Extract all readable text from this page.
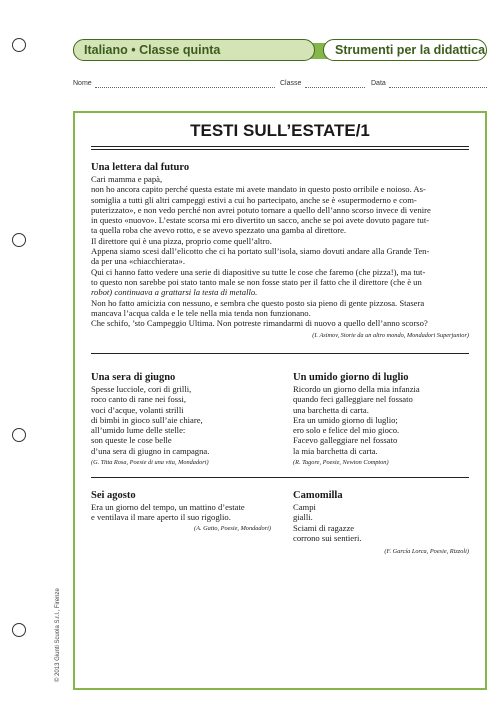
Italiano • Classe quinta	Strumenti per la didattica
Nome	Classe	Data
TESTI SULL’ESTATE/1
Una lettera dal futuro
Cari mamma e papà,
non ho ancora capito perché questa estate mi avete mandato in questo posto orribile e noioso. As-
somiglia a tutti gli altri campeggi estivi a cui ho partecipato, anche se è «supermoderno e com-
puterizzato», e non vedo perché non avrei potuto tornare a quello dell’anno scorso invece di venire
in questo «nuovo». L’estate scorsa mi ero divertito un sacco, anche se poi avete dovuto pagare tut-
ta quella roba che avevo rotto, e se avevo spezzato una gamba al direttore.
Il direttore qui è una pizza, proprio come quell’altro.
Appena siamo scesi dall’elicotto che ci ha portato sull’isola, siamo dovuti andare alla Grande Ten-
da per una «chiacchierata».
Qui ci hanno fatto vedere una serie di diapositive su tutte le cose che faremo (che pizza!), ma tut-
to questo non sarebbe poi stato tanto male se non fosse stato per il fatto che il direttore (che è un
robot) continuava a grattarsi la testa di metallo.
Non ho fatto amicizia con nessuno, e sembra che questo posto sia pieno di gente pizzosa. Stasera
mancava l’acqua calda e le tele nella mia tenda non funzionano.
Che schifo, ’sto Campeggio Ultima. Non potreste rimandarmi di nuovo a quello dell’anno scorso?
(I. Asimov, Storie da un altro mondo, Mondadori Superjunior)
Una sera di giugno
Spesse lucciole, cori di grilli,
roco canto di rane nei fossi,
voci d’acque, volanti strilli
di bimbi in gioco sull’aie chiare,
all’umido lume delle stelle:
son queste le cose belle
d’una sera di giugno in campagna.
(G. Titta Rosa, Poesie di una vita, Mondadori)
Un umido giorno di luglio
Ricordo un giorno della mia infanzia
quando feci galleggiare nel fossato
una barchetta di carta.
Era un umido giorno di luglio;
ero solo e felice del mio gioco.
Facevo galleggiare nel fossato
la mia barchetta di carta.
(R. Tagore, Poesie, Newton Compton)
Sei agosto
Era un giorno del tempo, un mattino d’estate
e ventilava il mare aperto il suo rigoglio.
(A. Gatto, Poesie, Mondadori)
Camomilla
Campi
gialli.
Sciami di ragazze
corrono sui sentieri.
(F. García Lorca, Poesie, Rizzoli)
© 2013 Giunti Scuola S.r.l., Firenze
